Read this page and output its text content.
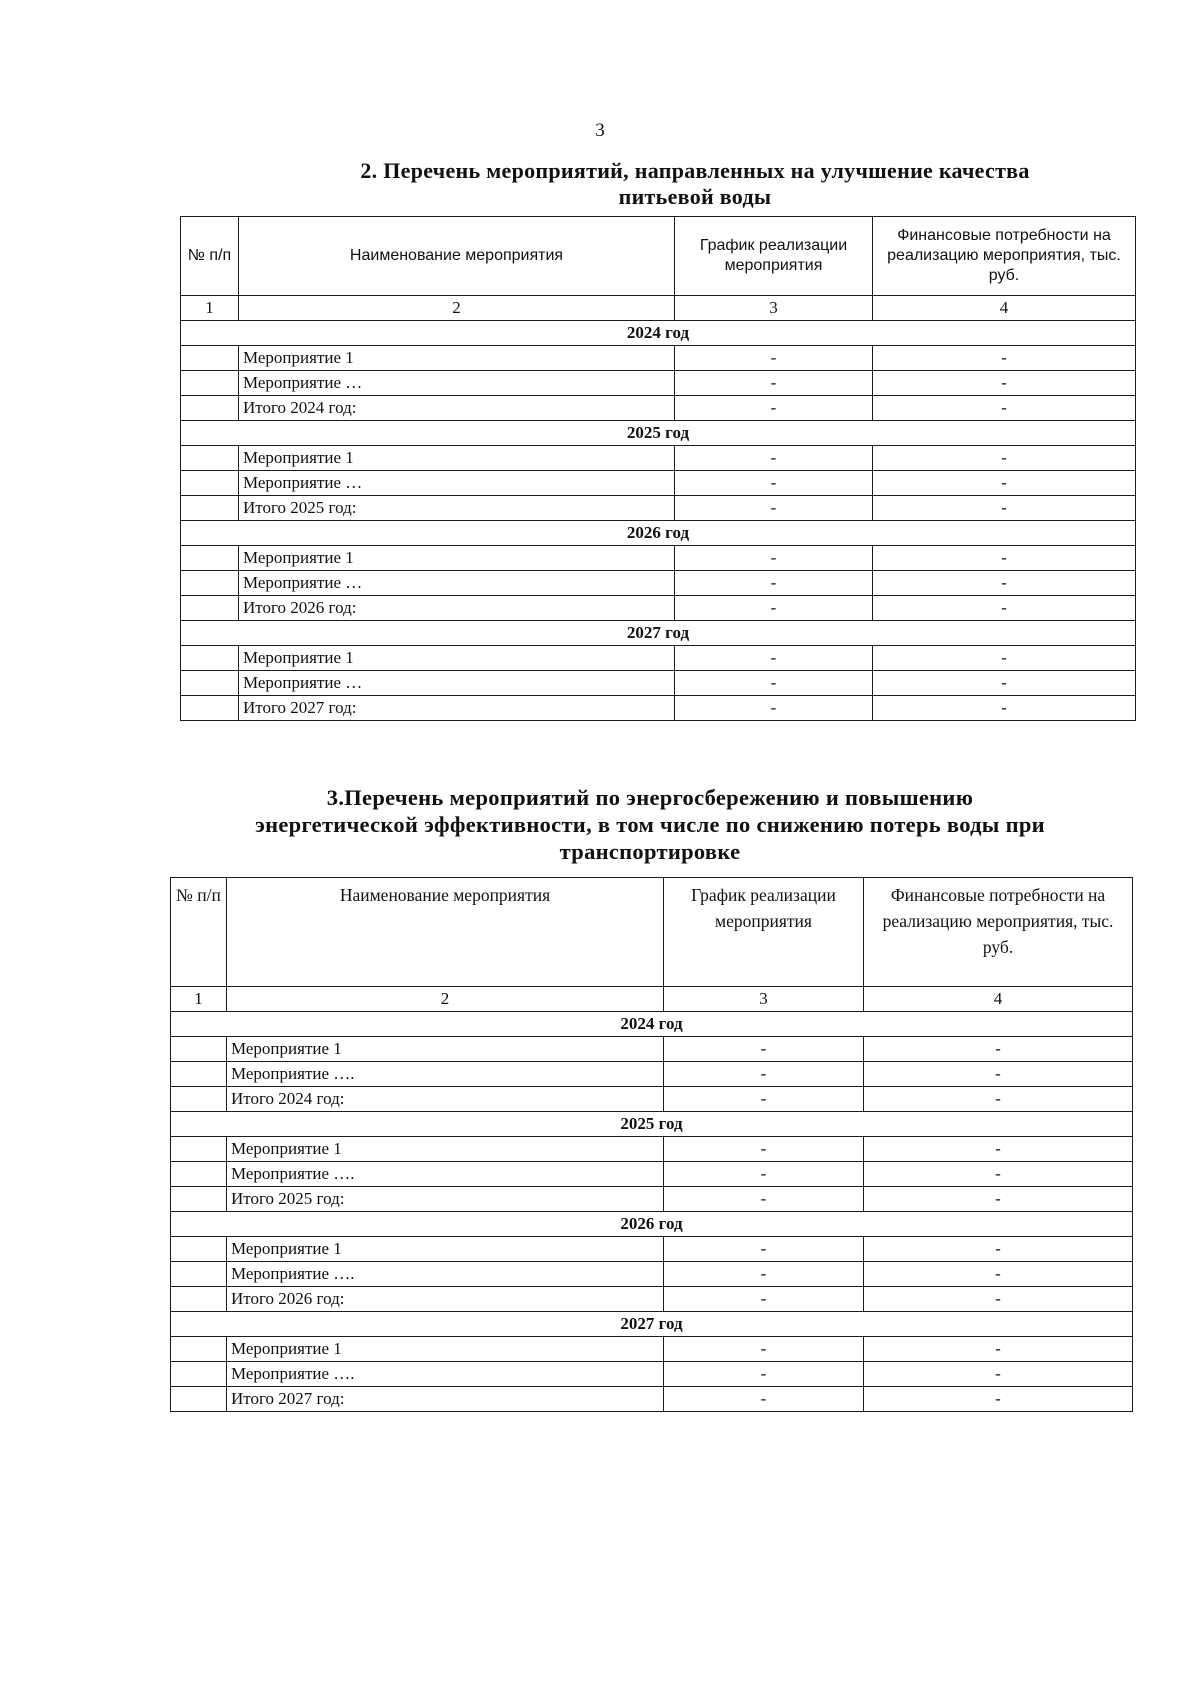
3
2. Перечень мероприятий, направленных на улучшение качества
питьевой воды
№ п/п	Наименование мероприятия	График реализации мероприятия	Финансовые потребности на реализацию мероприятия, тыс. руб.
1	2	3	4
2024 год			
	Мероприятие 1	-	-
	Мероприятие …	-	-
	Итого 2024 год:	-	-
2025 год			
	Мероприятие 1	-	-
	Мероприятие …	-	-
	Итого 2025 год:	-	-
2026 год			
	Мероприятие 1	-	-
	Мероприятие …	-	-
	Итого 2026 год:	-	-
2027 год			
	Мероприятие 1	-	-
	Мероприятие …	-	-
	Итого 2027 год:	-	-
3.Перечень мероприятий по энергосбережению и повышению
энергетической эффективности, в том числе по снижению потерь воды при
транспортировке
№ п/п	Наименование мероприятия	График реализации мероприятия	Финансовые потребности на реализацию мероприятия, тыс. руб.
1	2	3	4
2024 год			
	Мероприятие 1	-	-
	Мероприятие ….	-	-
	Итого 2024 год:	-	-
2025 год			
	Мероприятие 1	-	-
	Мероприятие ….	-	-
	Итого 2025 год:	-	-
2026 год			
	Мероприятие 1	-	-
	Мероприятие ….	-	-
	Итого 2026 год:	-	-
2027 год			
	Мероприятие 1	-	-
	Мероприятие ….	-	-
	Итого 2027 год:	-	-
